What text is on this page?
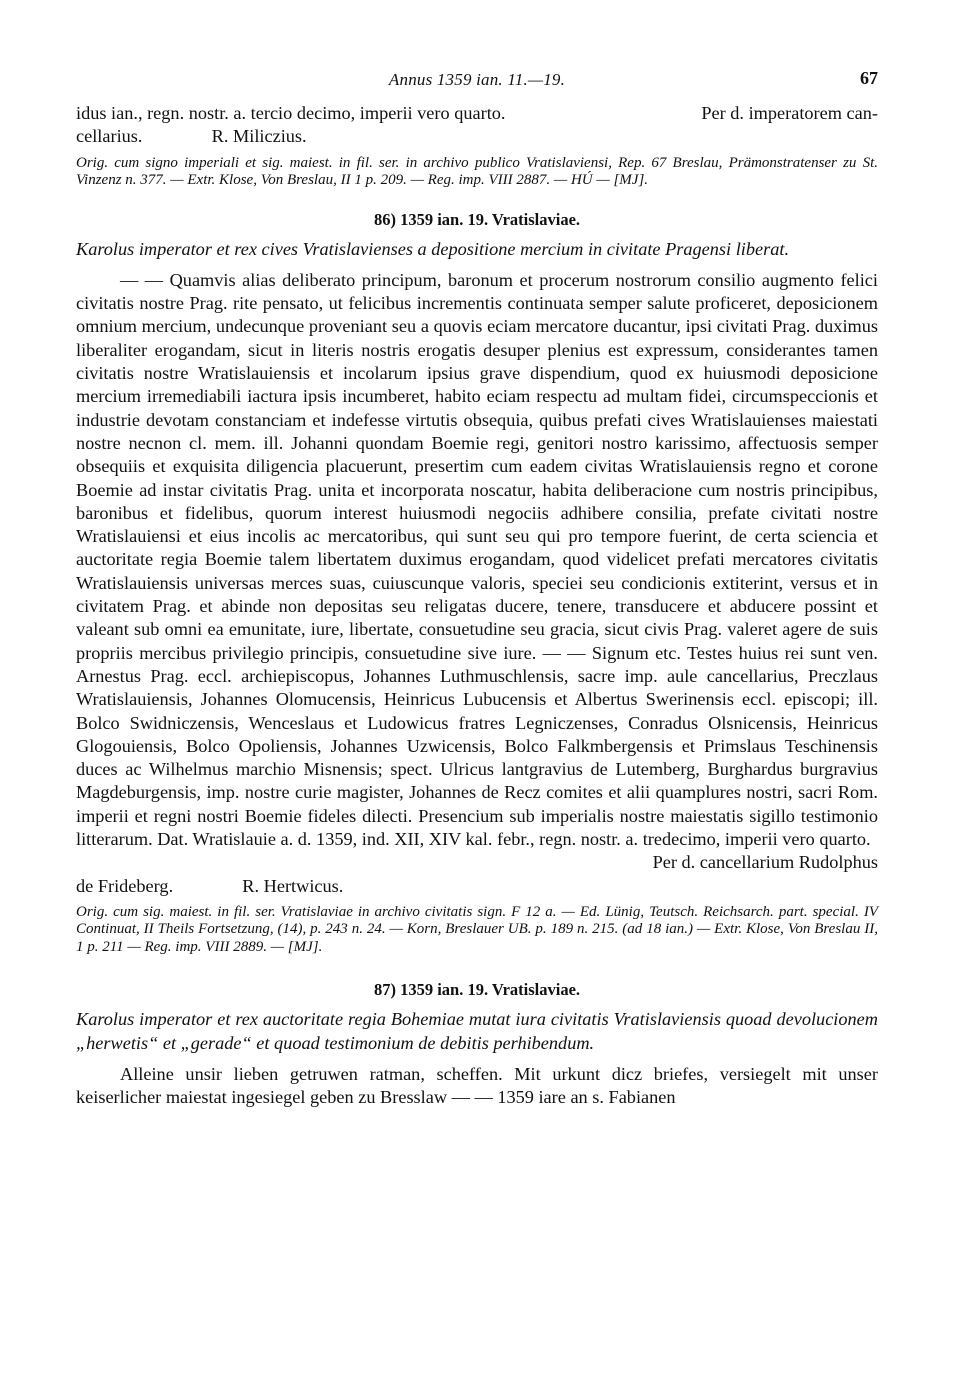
Annus 1359 ian. 11.—19.	67
Per d. imperatorem can-
idus ian., regn. nostr. a. tercio decimo, imperii vero quarto.
cellarius.	R. Miliczius.
Orig. cum signo imperiali et sig. maiest. in fil. ser. in archivo publico Vratislaviensi, Rep. 67 Breslau, Prämonstratenser zu St. Vinzenz n. 377. — Extr. Klose, Von Breslau, II 1 p. 209. — Reg. imp. VIII 2887. — HÚ — [MJ].
86) 1359 ian. 19. Vratislaviae.
Karolus imperator et rex cives Vratislavienses a depositione mercium in civitate Pragensi liberat.
— — Quamvis alias deliberato principum, baronum et procerum nostrorum consilio augmento felici civitatis nostre Prag. rite pensato, ut felicibus incrementis continuata semper salute proficeret, deposicionem omnium mercium, undecunque proveniant seu a quovis eciam mercatore ducantur, ipsi civitati Prag. duximus liberaliter erogandam, sicut in literis nostris erogatis desuper plenius est expressum, considerantes tamen civitatis nostre Wratislauiensis et incolarum ipsius grave dispendium, quod ex huiusmodi deposicione mercium irremediabili iactura ipsis incumberet, habito eciam respectu ad multam fidei, circumspeccionis et industrie devotam constanciam et indefesse virtutis obsequia, quibus prefati cives Wratislauienses maiestati nostre necnon cl. mem. ill. Johanni quondam Boemie regi, genitori nostro karissimo, affectuosis semper obsequiis et exquisita diligencia placuerunt, presertim cum eadem civitas Wratislauiensis regno et corone Boemie ad instar civitatis Prag. unita et incorporata noscatur, habita deliberacione cum nostris principibus, baronibus et fidelibus, quorum interest huiusmodi negociis adhibere consilia, prefate civitati nostre Wratislauiensi et eius incolis ac mercatoribus, qui sunt seu qui pro tempore fuerint, de certa sciencia et auctoritate regia Boemie talem libertatem duximus erogandam, quod videlicet prefati mercatores civitatis Wratislauiensis universas merces suas, cuiuscunque valoris, speciei seu condicionis extiterint, versus et in civitatem Prag. et abinde non depositas seu religatas ducere, tenere, transducere et abducere possint et valeant sub omni ea emunitate, iure, libertate, consuetudine seu gracia, sicut civis Prag. valeret agere de suis propriis mercibus privilegio principis, consuetudine sive iure. — — Signum etc. Testes huius rei sunt ven. Arnestus Prag. eccl. archiepiscopus, Johannes Luthmuschlensis, sacre imp. aule cancellarius, Preczlaus Wratislauiensis, Johannes Olomucensis, Heinricus Lubucensis et Albertus Swerinensis eccl. episcopi; ill. Bolco Swidniczensis, Wenceslaus et Ludowicus fratres Legniczenses, Conradus Olsnicensis, Heinricus Glogouiensis, Bolco Opoliensis, Johannes Uzwicensis, Bolco Falkmbergensis et Primslaus Teschinensis duces ac Wilhelmus marchio Misnensis; spect. Ulricus lantgravius de Lutemberg, Burghardus burgravius Magdeburgensis, imp. nostre curie magister, Johannes de Recz comites et alii quamplures nostri, sacri Rom. imperii et regni nostri Boemie fideles dilecti. Presencium sub imperialis nostre maiestatis sigillo testimonio litterarum. Dat. Wratislauie a. d. 1359, ind. XII, XIV kal. febr., regn. nostr. a. tredecimo, imperii vero quarto.
Per d. cancellarium Rudolphus
de Frideberg.	R. Hertwicus.
Orig. cum sig. maiest. in fil. ser. Vratislaviae in archivo civitatis sign. F 12 a. — Ed. Lünig, Teutsch. Reichsarch. part. special. IV Continuat, II Theils Fortsetzung, (14), p. 243 n. 24. — Korn, Breslauer UB. p. 189 n. 215. (ad 18 ian.) — Extr. Klose, Von Breslau II, 1 p. 211 — Reg. imp. VIII 2889. — [MJ].
87) 1359 ian. 19. Vratislaviae.
Karolus imperator et rex auctoritate regia Bohemiae mutat iura civitatis Vratislaviensis quoad devolucionem „herwetis“ et „gerade“ et quoad testimonium de debitis perhibendum.
Alleine unsir lieben getruwen ratman, scheffen. Mit urkunt dicz briefes, versiegelt mit unser keiserlicher maiestat ingesiegel geben zu Bresslaw — — 1359 iare an s. Fabianen
